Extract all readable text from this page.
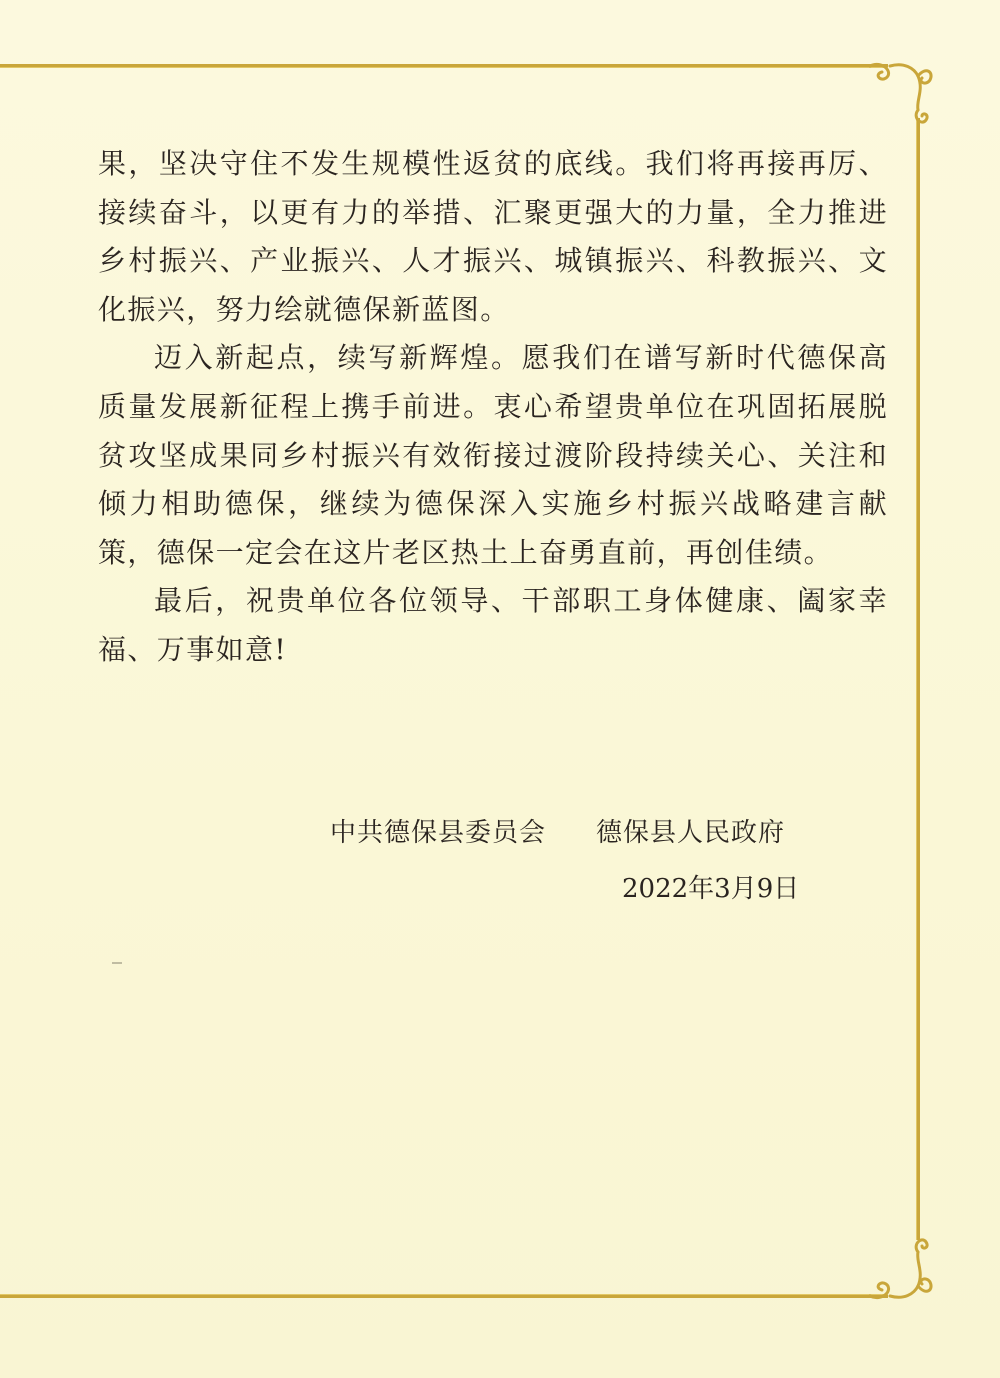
果，坚决守住不发生规模性返贫的底线。我们将再接再厉、接续奋斗，以更有力的举措、汇聚更强大的力量，全力推进乡村振兴、产业振兴、人才振兴、城镇振兴、科教振兴、文化振兴，努力绘就德保新蓝图。

迈入新起点，续写新辉煌。愿我们在谱写新时代德保高质量发展新征程上携手前进。衷心希望贵单位在巩固拓展脱贫攻坚成果同乡村振兴有效衔接过渡阶段持续关心、关注和倾力相助德保，继续为德保深入实施乡村振兴战略建言献策，德保一定会在这片老区热土上奋勇直前，再创佳绩。

最后，祝贵单位各位领导、干部职工身体健康、阖家幸福、万事如意!

中共德保县委员会 德保县人民政府
2022年3月9日
